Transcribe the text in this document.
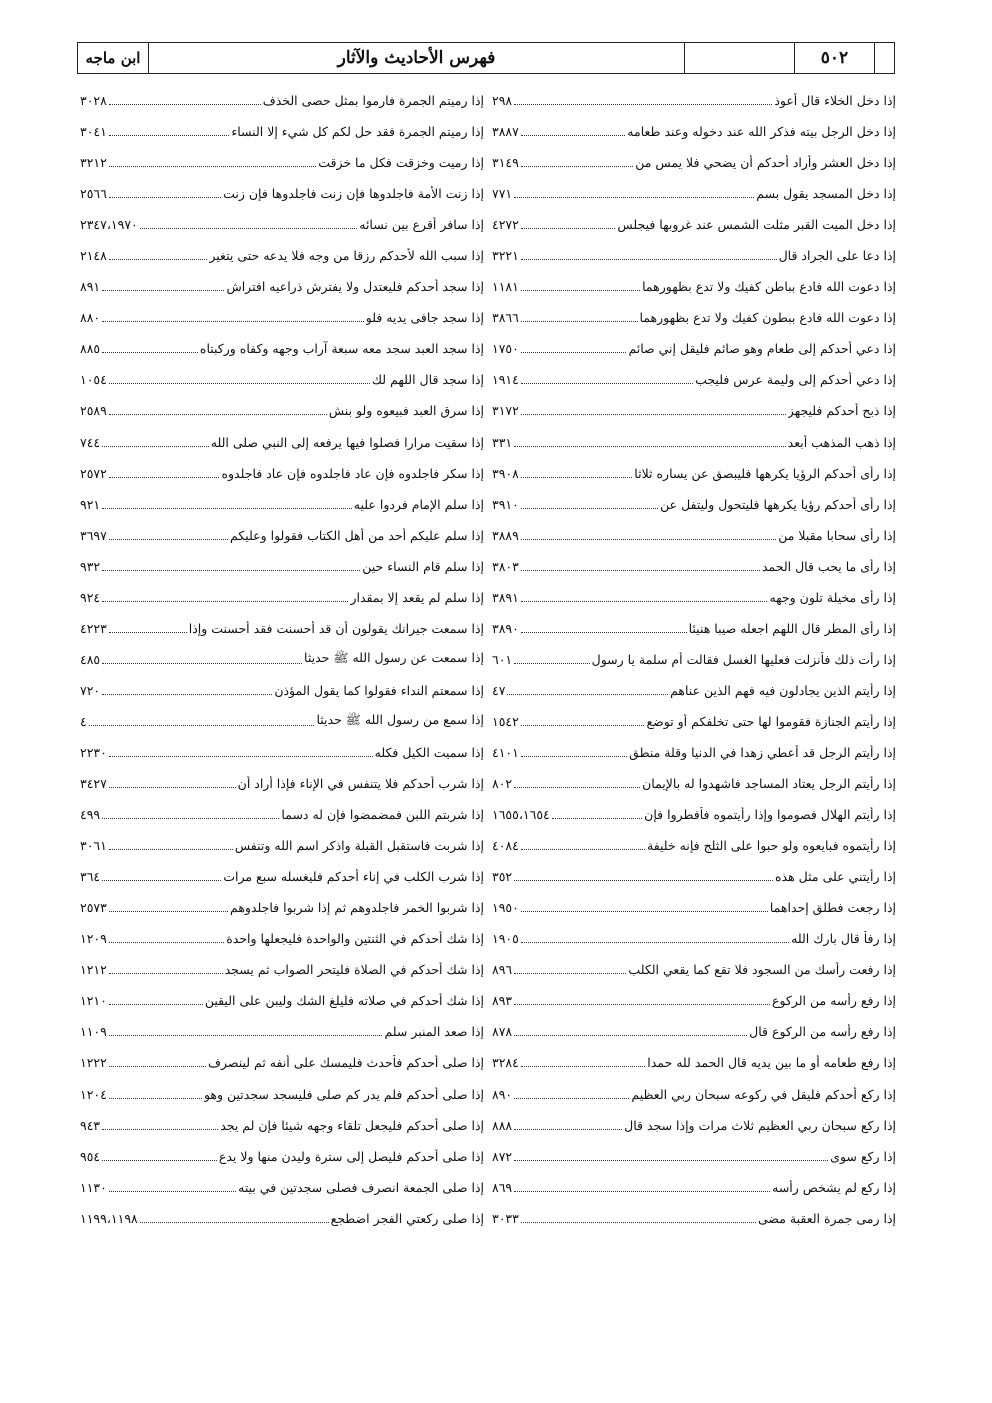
٥٠٢
فهرس الأحاديث والآثار
ابن ماجه
إذا دخل الخلاء قال أعوذ
٢٩٨
إذا دخل الرجل بيته فذكر الله عند دخوله وعند طعامه
٣٨٨٧
إذا دخل العشر وأراد أحدكم أن يضحي فلا يمس من
٣١٤٩
إذا دخل المسجد يقول بسم
٧٧١
إذا دخل الميت القبر مثلت الشمس عند غروبها فيجلس
٤٢٧٢
إذا دعا على الجراد قال
٣٢٢١
إذا دعوت الله فادع بباطن كفيك ولا تدع بظهورهما
١١٨١
إذا دعوت الله فادع ببطون كفيك ولا تدع بظهورهما
٣٨٦٦
إذا دعي أحدكم إلى طعام وهو صائم فليقل إني صائم
١٧٥٠
إذا دعي أحدكم إلى وليمة عرس فليجب
١٩١٤
إذا ذبح أحدكم فليجهز
٣١٧٢
إذا ذهب المذهب أبعد
٣٣١
إذا رأى أحدكم الرؤيا يكرهها فليبصق عن يساره ثلاثا
٣٩٠٨
إذا رأى أحدكم رؤيا يكرهها فليتحول وليتفل عن
٣٩١٠
إذا رأى سحابا مقبلا من
٣٨٨٩
إذا رأى ما يحب قال الحمد
٣٨٠٣
إذا رأى مخيلة تلون وجهه
٣٨٩١
إذا رأى المطر قال اللهم اجعله صيبا هنيئا
٣٨٩٠
إذا رأت ذلك فأنزلت فعليها الغسل فقالت أم سلمة يا رسول
٦٠١
إذا رأيتم الذين يجادلون فيه فهم الذين عناهم
٤٧
إذا رأيتم الجنازة فقوموا لها حتى تخلفكم أو توضع
١٥٤٢
إذا رأيتم الرجل قد أعطي زهدا في الدنيا وقلة منطق
٤١٠١
إذا رأيتم الرجل يعتاد المساجد فاشهدوا له بالإيمان
٨٠٢
إذا رأيتم الهلال فصوموا وإذا رأيتموه فأفطروا فإن
١٦٥٥،١٦٥٤
إذا رأيتموه فبايعوه ولو حبوا على الثلج فإنه خليفة
٤٠٨٤
إذا رأيتني على مثل هذه
٣٥٢
إذا رجعت فطلق إحداهما
١٩٥٠
إذا رفأ قال بارك الله
١٩٠٥
إذا رفعت رأسك من السجود فلا تقع كما يقعي الكلب
٨٩٦
إذا رفع رأسه من الركوع
٨٩٣
إذا رفع رأسه من الركوع قال
٨٧٨
إذا رفع طعامه أو ما بين يديه قال الحمد لله حمدا
٣٢٨٤
إذا ركع أحدكم فليقل في ركوعه سبحان ربي العظيم
٨٩٠
إذا ركع سبحان ربي العظيم ثلاث مرات وإذا سجد قال
٨٨٨
إذا ركع سوى
٨٧٢
إذا ركع لم يشخص رأسه
٨٦٩
إذا رمى جمرة العقبة مضى
٣٠٣٣
إذا رميتم الجمرة فارموا بمثل حصى الخذف
٣٠٢٨
إذا رميتم الجمرة فقد حل لكم كل شيء إلا النساء
٣٠٤١
إذا رميت وخزقت فكل ما خزقت
٣٢١٢
إذا زنت الأمة فاجلدوها فإن زنت فاجلدوها فإن زنت
٢٥٦٦
إذا سافر أقرع بين نسائه
٢٣٤٧،١٩٧٠
إذا سبب الله لأحدكم رزقا من وجه فلا يدعه حتى يتغير
٢١٤٨
إذا سجد أحدكم فليعتدل ولا يفترش ذراعيه افتراش
٨٩١
إذا سجد جافى يديه فلو
٨٨٠
إذا سجد العبد سجد معه سبعة آراب وجهه وكفاه وركبتاه
٨٨٥
إذا سجد قال اللهم لك
١٠٥٤
إذا سرق العبد فبيعوه ولو بنش
٢٥٨٩
إذا سقيت مرارا فصلوا فيها يرفعه إلى النبي صلى الله
٧٤٤
إذا سكر فاجلدوه فإن عاد فاجلدوه فإن عاد فاجلدوه
٢٥٧٢
إذا سلم الإمام فردوا عليه
٩٢١
إذا سلم عليكم أحد من أهل الكتاب فقولوا وعليكم
٣٦٩٧
إذا سلم قام النساء حين
٩٣٢
إذا سلم لم يقعد إلا بمقدار
٩٢٤
إذا سمعت جيرانك يقولون أن قد أحسنت فقد أحسنت وإذا
٤٢٢٣
إذا سمعت عن رسول الله ﷺ حديثا
٤٨٥
إذا سمعتم النداء فقولوا كما يقول المؤذن
٧٢٠
إذا سمع من رسول الله ﷺ حديثا
٤
إذا سميت الكيل فكله
٢٢٣٠
إذا شرب أحدكم فلا يتنفس في الإناء فإذا أراد أن
٣٤٢٧
إذا شربتم اللبن فمضمضوا فإن له دسما
٤٩٩
إذا شربت فاستقبل القبلة واذكر اسم الله وتنفس
٣٠٦١
إذا شرب الكلب في إناء أحدكم فليغسله سبع مرات
٣٦٤
إذا شربوا الخمر فاجلدوهم ثم إذا شربوا فاجلدوهم
٢٥٧٣
إذا شك أحدكم في الثنتين والواحدة فليجعلها واحدة
١٢٠٩
إذا شك أحدكم في الصلاة فليتحر الصواب ثم يسجد
١٢١٢
إذا شك أحدكم في صلاته فليلغ الشك وليبن على اليقين
١٢١٠
إذا صعد المنبر سلم
١١٠٩
إذا صلى أحدكم فأحدث فليمسك على أنفه ثم لينصرف
١٢٢٢
إذا صلى أحدكم فلم يدر كم صلى فليسجد سجدتين وهو
١٢٠٤
إذا صلى أحدكم فليجعل تلقاء وجهه شيئا فإن لم يجد
٩٤٣
إذا صلى أحدكم فليصل إلى سترة وليدن منها ولا يدع
٩٥٤
إذا صلى الجمعة انصرف فصلى سجدتين في بيته
١١٣٠
إذا صلى ركعتي الفجر اضطجع
١١٩٩،١١٩٨
